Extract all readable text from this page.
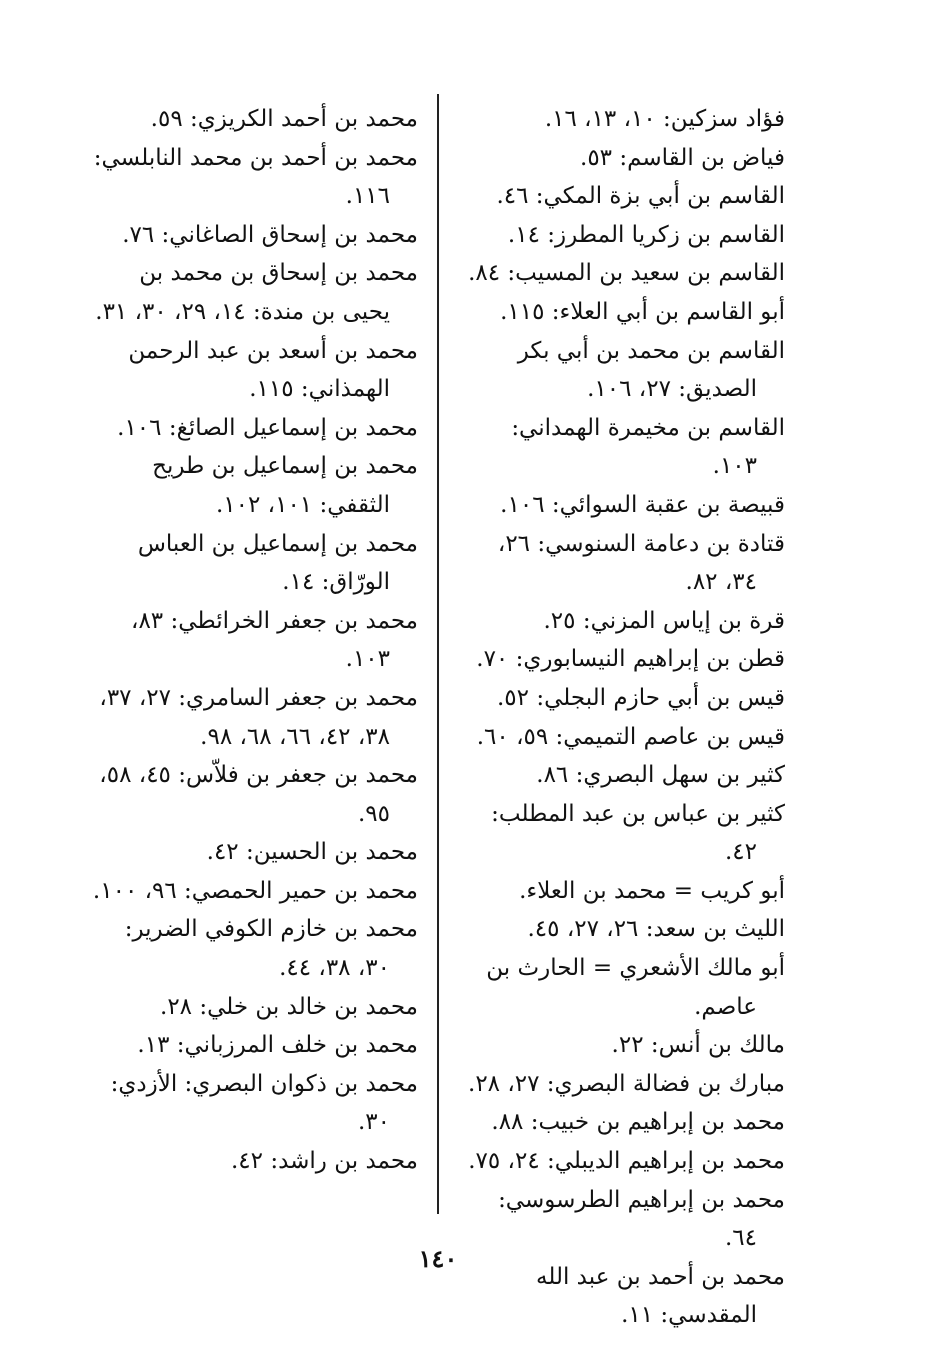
فؤاد سزكين: ١٠، ١٣، ١٦.
فياض بن القاسم: ٥٣.
القاسم بن أبي بزة المكي: ٤٦.
القاسم بن زكريا المطرز: ١٤.
القاسم بن سعيد بن المسيب: ٨٤.
أبو القاسم بن أبي العلاء: ١١٥.
القاسم بن محمد بن أبي بكر الصديق: ٢٧، ١٠٦.
القاسم بن مخيمرة الهمداني: ١٠٣.
قبيصة بن عقبة السوائي: ١٠٦.
قتادة بن دعامة السنوسي: ٢٦، ٣٤، ٨٢.
قرة بن إياس المزني: ٢٥.
قطن بن إبراهيم النيسابوري: ٧٠.
قيس بن أبي حازم البجلي: ٥٢.
قيس بن عاصم التميمي: ٥٩، ٦٠.
كثير بن سهل البصري: ٨٦.
كثير بن عباس بن عبد المطلب: ٤٢.
أبو كريب = محمد بن العلاء.
الليث بن سعد: ٢٦، ٢٧، ٤٥.
أبو مالك الأشعري = الحارث بن عاصم.
مالك بن أنس: ٢٢.
مبارك بن فضالة البصري: ٢٧، ٢٨.
محمد بن إبراهيم بن خبيب: ٨٨.
محمد بن إبراهيم الديبلي: ٢٤، ٧٥.
محمد بن إبراهيم الطرسوسي: ٦٤.
محمد بن أحمد بن عبد الله المقدسي: ١١.
محمد بن أحمد الكريزي: ٥٩.
محمد بن أحمد بن محمد النابلسي: ١١٦.
محمد بن إسحاق الصاغاني: ٧٦.
محمد بن إسحاق بن محمد بن يحيى بن مندة: ١٤، ٢٩، ٣٠، ٣١.
محمد بن أسعد بن عبد الرحمن الهمذاني: ١١٥.
محمد بن إسماعيل الصائغ: ١٠٦.
محمد بن إسماعيل بن طريح الثقفي: ١٠١، ١٠٢.
محمد بن إسماعيل بن العباس الورّاق: ١٤.
محمد بن جعفر الخرائطي: ٨٣، ١٠٣.
محمد بن جعفر السامري: ٢٧، ٣٧، ٣٨، ٤٢، ٦٦، ٦٨، ٩٨.
محمد بن جعفر بن فلاّس: ٤٥، ٥٨، ٩٥.
محمد بن الحسين: ٤٢.
محمد بن حمير الحمصي: ٩٦، ١٠٠.
محمد بن خازم الكوفي الضرير: ٣٠، ٣٨، ٤٤.
محمد بن خالد بن خلي: ٢٨.
محمد بن خلف المرزباني: ١٣.
محمد بن ذكوان البصري: الأزدي: ٣٠.
محمد بن راشد: ٤٢.
١٤٠
